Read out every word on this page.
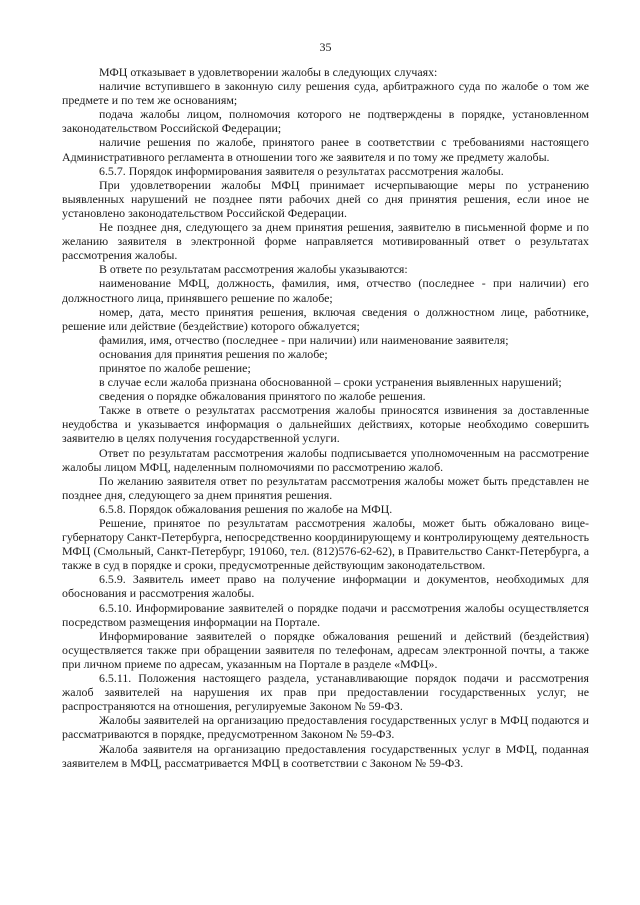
35

МФЦ отказывает в удовлетворении жалобы в следующих случаях:

наличие вступившего в законную силу решения суда, арбитражного суда по жалобе о том же предмете и по тем же основаниям;

подача жалобы лицом, полномочия которого не подтверждены в порядке, установленном законодательством Российской Федерации;

наличие решения по жалобе, принятого ранее в соответствии с требованиями настоящего Административного регламента в отношении того же заявителя и по тому же предмету жалобы.

6.5.7. Порядок информирования заявителя о результатах рассмотрения жалобы.

При удовлетворении жалобы МФЦ принимает исчерпывающие меры по устранению выявленных нарушений не позднее пяти рабочих дней со дня принятия решения, если иное не установлено законодательством Российской Федерации.

Не позднее дня, следующего за днем принятия решения, заявителю в письменной форме и по желанию заявителя в электронной форме направляется мотивированный ответ о результатах рассмотрения жалобы.

В ответе по результатам рассмотрения жалобы указываются:

наименование МФЦ, должность, фамилия, имя, отчество (последнее - при наличии) его должностного лица, принявшего решение по жалобе;

номер, дата, место принятия решения, включая сведения о должностном лице, работнике, решение или действие (бездействие) которого обжалуется;

фамилия, имя, отчество (последнее - при наличии) или наименование заявителя;

основания для принятия решения по жалобе;

принятое по жалобе решение;

в случае если жалоба признана обоснованной – сроки устранения выявленных нарушений;

сведения о порядке обжалования принятого по жалобе решения.

Также в ответе о результатах рассмотрения жалобы приносятся извинения за доставленные неудобства и указывается информация о дальнейших действиях, которые необходимо совершить заявителю в целях получения государственной услуги.

Ответ по результатам рассмотрения жалобы подписывается уполномоченным на рассмотрение жалобы лицом МФЦ, наделенным полномочиями по рассмотрению жалоб.

По желанию заявителя ответ по результатам рассмотрения жалобы может быть представлен не позднее дня, следующего за днем принятия решения.

6.5.8. Порядок обжалования решения по жалобе на МФЦ.

Решение, принятое по результатам рассмотрения жалобы, может быть обжаловано вице-губернатору Санкт-Петербурга, непосредственно координирующему и контролирующему деятельность МФЦ (Смольный, Санкт-Петербург, 191060, тел. (812)576-62-62), в Правительство Санкт-Петербурга, а также в суд в порядке и сроки, предусмотренные действующим законодательством.

6.5.9. Заявитель имеет право на получение информации и документов, необходимых для обоснования и рассмотрения жалобы.

6.5.10. Информирование заявителей о порядке подачи и рассмотрения жалобы осуществляется посредством размещения информации на Портале.

Информирование заявителей о порядке обжалования решений и действий (бездействия) осуществляется также при обращении заявителя по телефонам, адресам электронной почты, а также при личном приеме по адресам, указанным на Портале в разделе «МФЦ».

6.5.11. Положения настоящего раздела, устанавливающие порядок подачи и рассмотрения жалоб заявителей на нарушения их прав при предоставлении государственных услуг, не распространяются на отношения, регулируемые Законом № 59-ФЗ.

Жалобы заявителей на организацию предоставления государственных услуг в МФЦ подаются и рассматриваются в порядке, предусмотренном Законом № 59-ФЗ.

Жалоба заявителя на организацию предоставления государственных услуг в МФЦ, поданная заявителем в МФЦ, рассматривается МФЦ в соответствии с Законом № 59-ФЗ.
